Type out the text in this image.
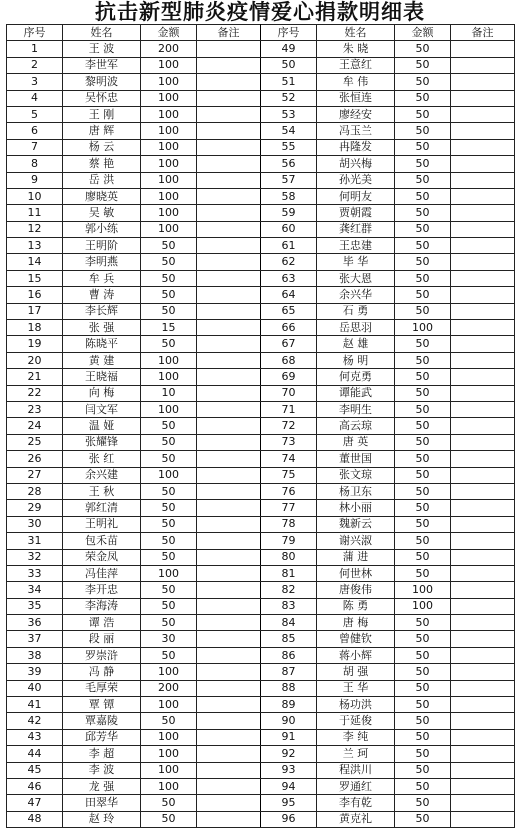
抗击新型肺炎疫情爱心捐款明细表
序号	姓名	金额	备注	序号	姓名	金额	备注
1	王 波	200		49	朱 晓	50	
2	李世军	100		50	王意红	50	
3	黎明波	100		51	牟 伟	50	
4	吴怀忠	100		52	张恒连	50	
5	王 刚	100		53	廖经安	50	
6	唐 辉	100		54	冯玉兰	50	
7	杨 云	100		55	冉隆发	50	
8	蔡 艳	100		56	胡兴梅	50	
9	岳 洪	100		57	孙光美	50	
10	廖晓英	100		58	何明友	50	
11	吴 敏	100		59	贾朝霞	50	
12	郭小练	100		60	龚红群	50	
13	王明阶	50		61	王忠建	50	
14	李明燕	50		62	毕 华	50	
15	牟 兵	50		63	张大恩	50	
16	曹 涛	50		64	余兴华	50	
17	李长辉	50		65	石 勇	50	
18	张 强	15		66	岳思羽	100	
19	陈晓平	50		67	赵 雄	50	
20	黄 建	100		68	杨 明	50	
21	王晓福	100		69	何克勇	50	
22	向 梅	10		70	谭能武	50	
23	闫文军	100		71	李明生	50	
24	温 娅	50		72	高云琼	50	
25	张耀锋	50		73	唐 英	50	
26	张 红	50		74	董世国	50	
27	余兴建	100		75	张文琼	50	
28	王 秋	50		76	杨卫东	50	
29	郭红清	50		77	林小丽	50	
30	王明礼	50		78	魏新云	50	
31	包禾苗	50		79	谢兴淑	50	
32	荣金凤	50		80	蒲 进	50	
33	冯佳萍	100		81	何世林	50	
34	李开忠	50		82	唐俊伟	100	
35	李海涛	50		83	陈 勇	100	
36	谭 浩	50		84	唐 梅	50	
37	段 丽	30		85	曾健钦	50	
38	罗崇浒	50		86	蒋小辉	50	
39	冯 静	100		87	胡 强	50	
40	毛厚荣	200		88	王 华	50	
41	覃 镡	100		89	杨功洪	50	
42	覃嘉陵	50		90	于延俊	50	
43	邱芳华	100		91	李 纯	50	
44	李 超	100		92	兰 珂	50	
45	李 波	100		93	程洪川	50	
46	龙 强	100		94	罗通红	50	
47	田翠华	50		95	李有乾	50	
48	赵 玲	50		96	黄克礼	50	
